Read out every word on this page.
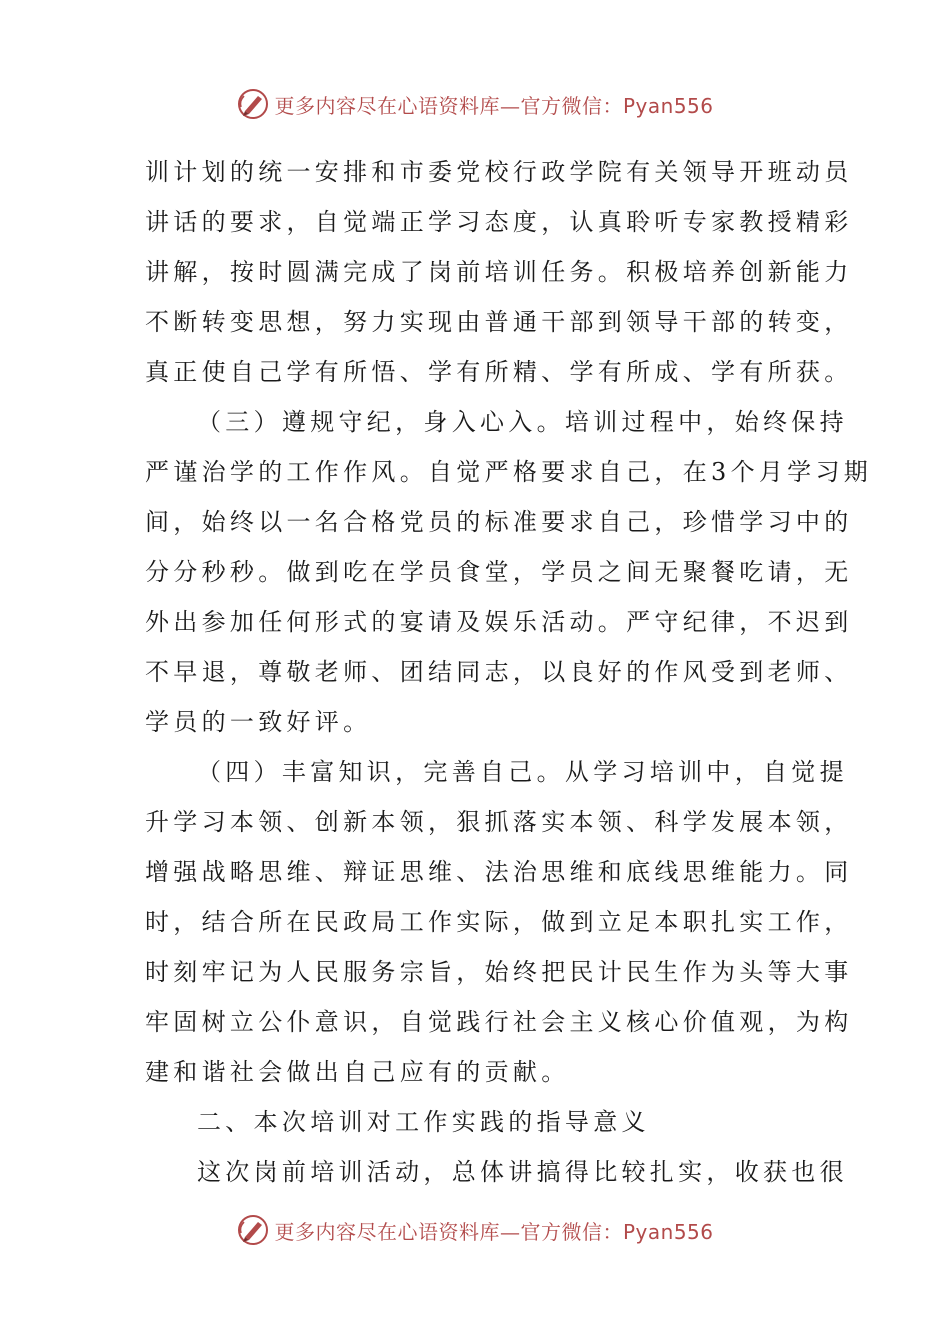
更多内容尽在心语资料库—官方微信：Pyan556

训计划的统一安排和市委党校行政学院有关领导开班动员

讲话的要求，自觉端正学习态度，认真聆听专家教授精彩

讲解，按时圆满完成了岗前培训任务。积极培养创新能力

不断转变思想，努力实现由普通干部到领导干部的转变，

真正使自己学有所悟、学有所精、学有所成、学有所获。

（三）遵规守纪，身入心入。培训过程中，始终保持

严谨治学的工作作风。自觉严格要求自己，在3个月学习期

间，始终以一名合格党员的标准要求自己，珍惜学习中的

分分秒秒。做到吃在学员食堂，学员之间无聚餐吃请，无

外出参加任何形式的宴请及娱乐活动。严守纪律，不迟到

不早退，尊敬老师、团结同志，以良好的作风受到老师、

学员的一致好评。

（四）丰富知识，完善自己。从学习培训中，自觉提

升学习本领、创新本领，狠抓落实本领、科学发展本领，

增强战略思维、辩证思维、法治思维和底线思维能力。同

时，结合所在民政局工作实际，做到立足本职扎实工作，

时刻牢记为人民服务宗旨，始终把民计民生作为头等大事

牢固树立公仆意识，自觉践行社会主义核心价值观，为构

建和谐社会做出自己应有的贡献。

二、本次培训对工作实践的指导意义

这次岗前培训活动，总体讲搞得比较扎实，收获也很

更多内容尽在心语资料库—官方微信：Pyan556
